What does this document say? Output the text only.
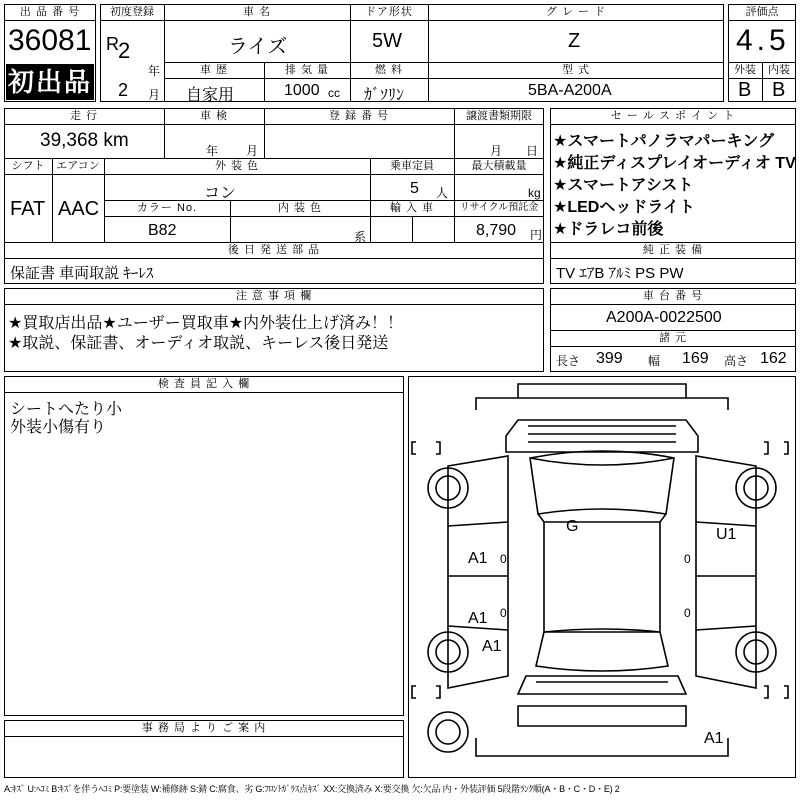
出 品 番 号
36081
初出品
初度登録
R 2
年
2 月
車 名
ライズ
ドア形状
5W
グ レ ー ド
Z
車 歴
自家用
排 気 量
1000 cc
燃 料
ｶﾞｿﾘﾝ
型 式
5BA-A200A
評価点
4.5
外装	内装
B B
走 行
39,368 km
車 検
年 月
登 録 番 号	譲渡書類期限
月 日
シフト
FAT
エアコン
AAC
外 装 色
コン
カラー No.
B82
内 装 色
系
輸 入 車
乗車定員
5 人
最大積載量
kg
リサイクル預託金
8,790 円
後 日 発 送 部 品
保証書 車両取説 ｷｰﾚｽ
セ ー ル ス ポ イ ン ト
★スマートパノラマパーキング
★純正ディスプレイオーディオ TV
★スマートアシスト
★LEDヘッドライト
★ドラレコ前後
純 正 装 備
TV ｴｱB ｱﾙﾐ PS PW
注 意 事 項 欄
★買取店出品★ユーザー買取車★内外装仕上げ済み！！
★取説、保証書、オーディオ取説、キーレス後日発送
車 台 番 号
A200A-0022500
諸 元
長さ 399 幅 169 高さ 162
検 査 員 記 入 欄
シートへたり小
外装小傷有り
事 務 局 よ り ご 案 内
G	U1
A1 0
A1 0
A1
A1
0
0
A:ｷｽﾞ U:ﾍｺﾐ B:ｷｽﾞを伴うﾍｺﾐ P:要塗装 W:補修跡 S:錆 C:腐食、劣 G:ﾌﾛﾝﾄｶﾞﾗｽ点ｷｽﾞ XX:交換済み X:要交換 欠:欠品 内・外装評価 5段階ﾗﾝｸ順(A・B・C・D・E) 2
